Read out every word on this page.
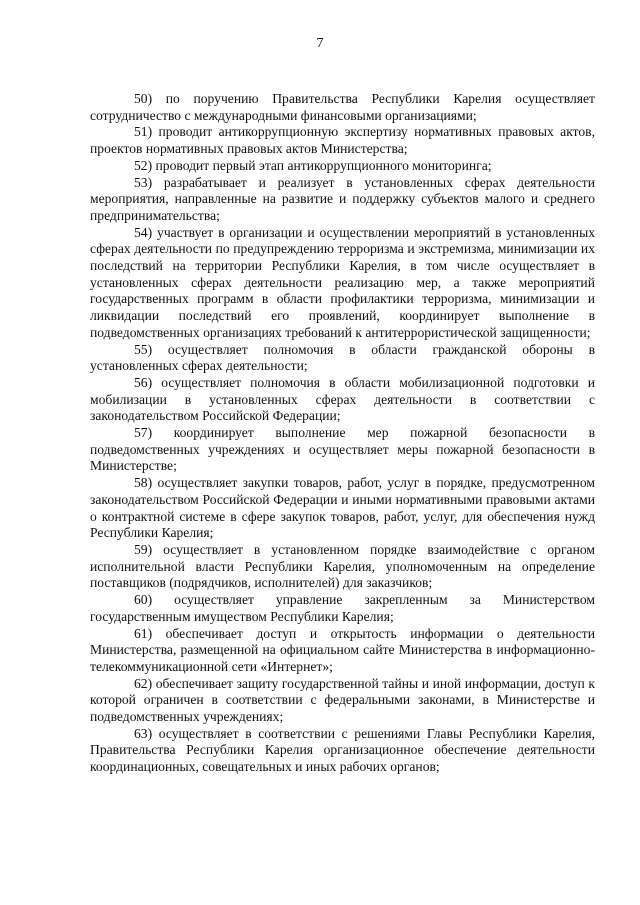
7

50) по поручению Правительства Республики Карелия осуществляет сотрудничество с международными финансовыми организациями;

51) проводит антикоррупционную экспертизу нормативных правовых актов, проектов нормативных правовых актов Министерства;

52) проводит первый этап антикоррупционного мониторинга;

53) разрабатывает и реализует в установленных сферах деятельности мероприятия, направленные на развитие и поддержку субъектов малого и среднего предпринимательства;

54) участвует в организации и осуществлении мероприятий в установленных сферах деятельности по предупреждению терроризма и экстремизма, минимизации их последствий на территории Республики Карелия, в том числе осуществляет в установленных сферах деятельности реализацию мер, а также мероприятий государственных программ в области профилактики терроризма, минимизации и ликвидации последствий его проявлений, координирует выполнение в подведомственных организациях требований к антитеррористической защищенности;

55) осуществляет полномочия в области гражданской обороны в установленных сферах деятельности;

56) осуществляет полномочия в области мобилизационной подготовки и мобилизации в установленных сферах деятельности в соответствии с законодательством Российской Федерации;

57) координирует выполнение мер пожарной безопасности в подведомственных учреждениях и осуществляет меры пожарной безопасности в Министерстве;

58) осуществляет закупки товаров, работ, услуг в порядке, предусмотренном законодательством Российской Федерации и иными нормативными правовыми актами о контрактной системе в сфере закупок товаров, работ, услуг, для обеспечения нужд Республики Карелия;

59) осуществляет в установленном порядке взаимодействие с органом исполнительной власти Республики Карелия, уполномоченным на определение поставщиков (подрядчиков, исполнителей) для заказчиков;

60) осуществляет управление закрепленным за Министерством государственным имуществом Республики Карелия;

61) обеспечивает доступ и открытость информации о деятельности Министерства, размещенной на официальном сайте Министерства в информационно-телекоммуникационной сети «Интернет»;

62) обеспечивает защиту государственной тайны и иной информации, доступ к которой ограничен в соответствии с федеральными законами, в Министерстве и подведомственных учреждениях;

63) осуществляет в соответствии с решениями Главы Республики Карелия, Правительства Республики Карелия организационное обеспечение деятельности координационных, совещательных и иных рабочих органов;
